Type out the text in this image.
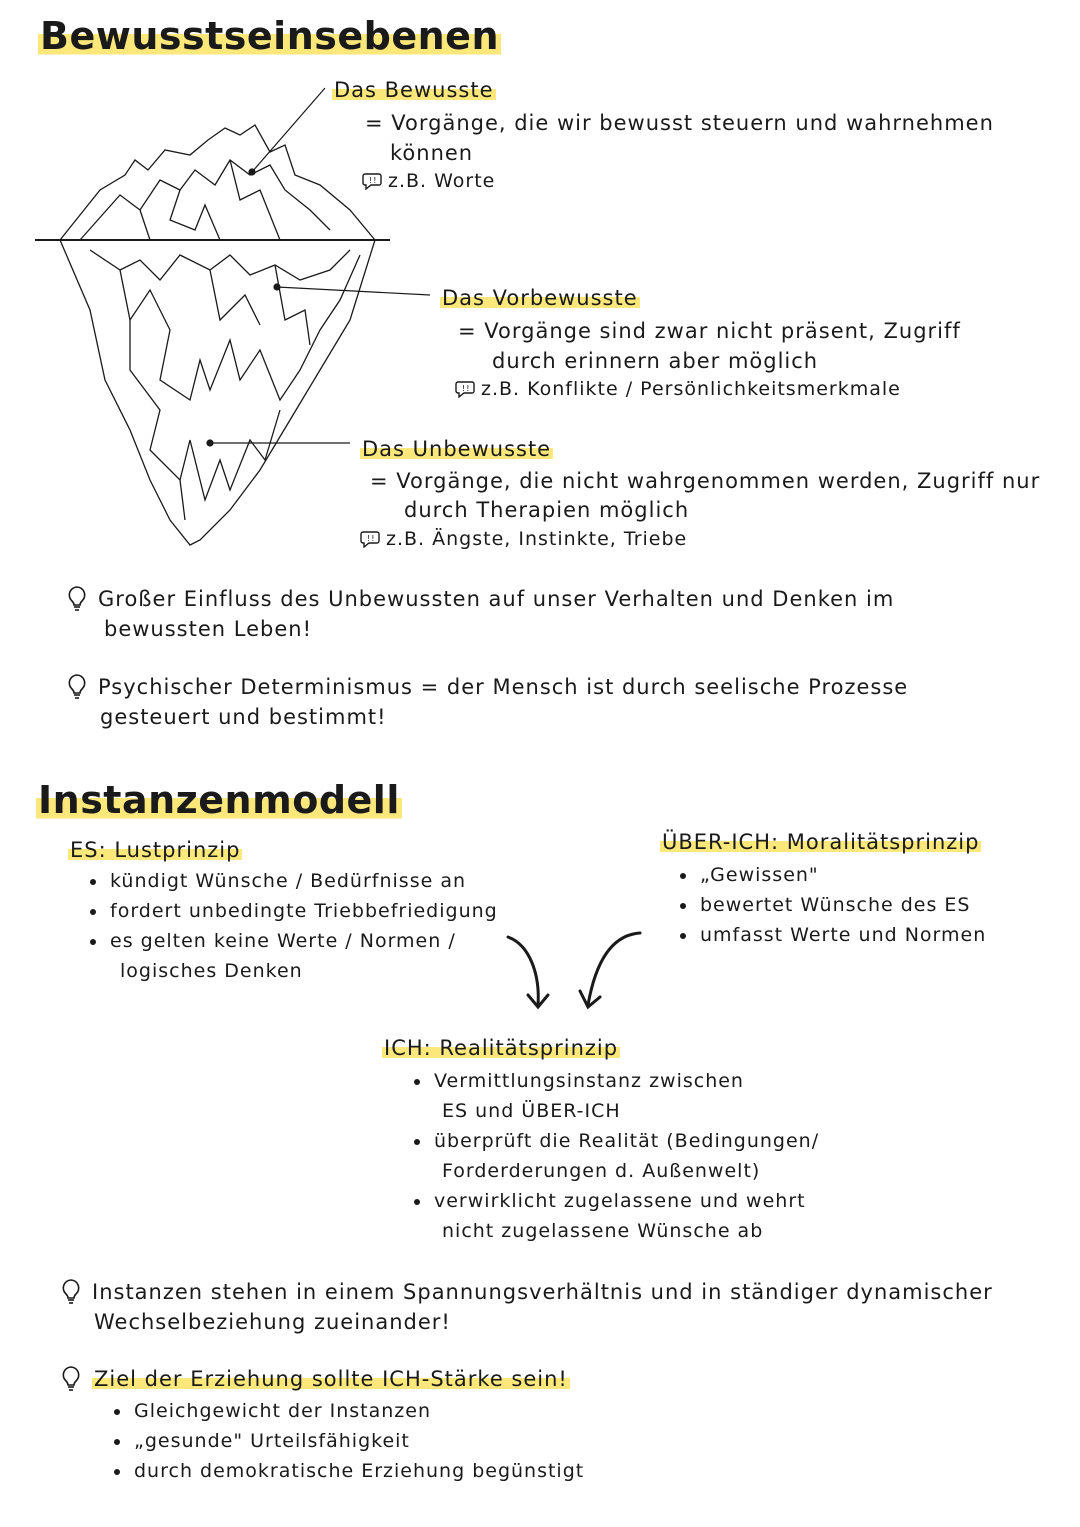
Bewusstseinsebenen
Das Bewusste
= Vorgänge, die wir bewusst steuern und wahrnehmen
können
!! z.B. Worte
Das Vorbewusste
= Vorgänge sind zwar nicht präsent, Zugriff
durch erinnern aber möglich
!! z.B. Konflikte / Persönlichkeitsmerkmale
Das Unbewusste
= Vorgänge, die nicht wahrgenommen werden, Zugriff nur
durch Therapien möglich
!! z.B. Ängste, Instinkte, Triebe
Großer Einfluss des Unbewussten auf unser Verhalten und Denken im
bewussten Leben!
Psychischer Determinismus = der Mensch ist durch seelische Prozesse
gesteuert und bestimmt!
Instanzenmodell
ES: Lustprinzip
kündigt Wünsche / Bedürfnisse an
fordert unbedingte Triebbefriedigung
es gelten keine Werte / Normen /
logisches Denken
ÜBER-ICH: Moralitätsprinzip
„Gewissen"
bewertet Wünsche des ES
umfasst Werte und Normen
ICH: Realitätsprinzip
Vermittlungsinstanz zwischen
ES und ÜBER-ICH
überprüft die Realität (Bedingungen/
Forderderungen d. Außenwelt)
verwirklicht zugelassene und wehrt
nicht zugelassene Wünsche ab
Instanzen stehen in einem Spannungsverhältnis und in ständiger dynamischer
Wechselbeziehung zueinander!
Ziel der Erziehung sollte ICH-Stärke sein!
Gleichgewicht der Instanzen
„gesunde" Urteilsfähigkeit
durch demokratische Erziehung begünstigt
